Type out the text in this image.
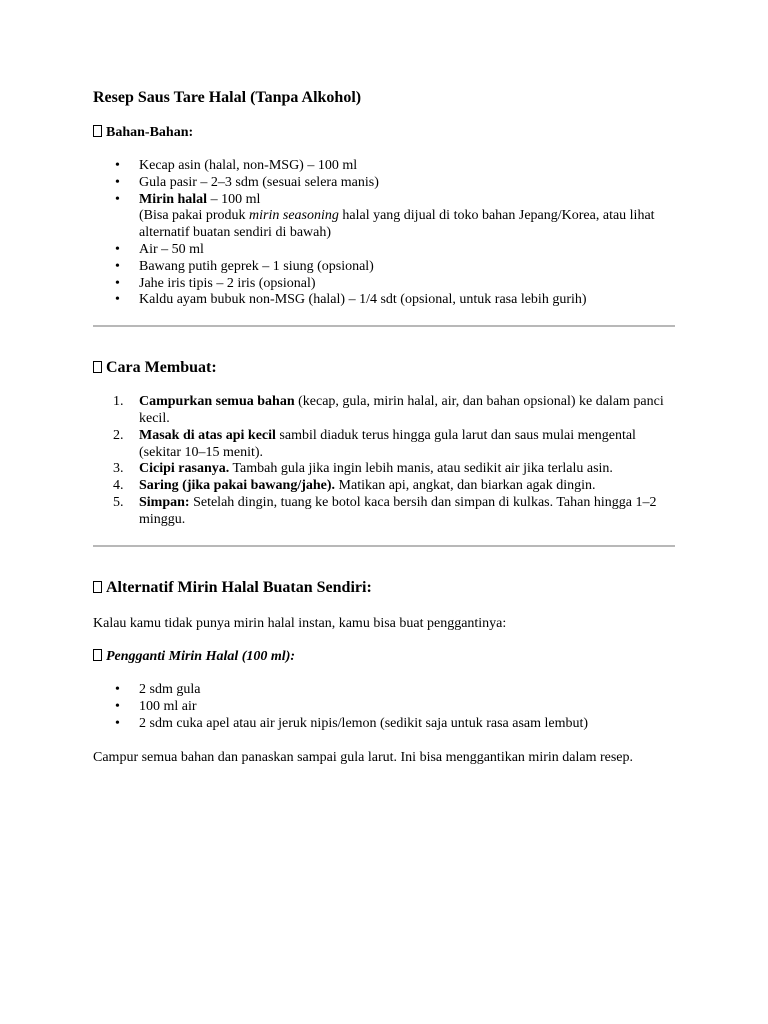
Resep Saus Tare Halal (Tanpa Alkohol)
Bahan-Bahan:
• Kecap asin (halal, non-MSG) – 100 ml
• Gula pasir – 2–3 sdm (sesuai selera manis)
• Mirin halal – 100 ml
(Bisa pakai produk mirin seasoning halal yang dijual di toko bahan Jepang/Korea, atau lihat alternatif buatan sendiri di bawah)
• Air – 50 ml
• Bawang putih geprek – 1 siung (opsional)
• Jahe iris tipis – 2 iris (opsional)
• Kaldu ayam bubuk non-MSG (halal) – 1/4 sdt (opsional, untuk rasa lebih gurih)
Cara Membuat:
1. Campurkan semua bahan (kecap, gula, mirin halal, air, dan bahan opsional) ke dalam panci kecil.
2. Masak di atas api kecil sambil diaduk terus hingga gula larut dan saus mulai mengental (sekitar 10–15 menit).
3. Cicipi rasanya. Tambah gula jika ingin lebih manis, atau sedikit air jika terlalu asin.
4. Saring (jika pakai bawang/jahe). Matikan api, angkat, dan biarkan agak dingin.
5. Simpan: Setelah dingin, tuang ke botol kaca bersih dan simpan di kulkas. Tahan hingga 1–2 minggu.
Alternatif Mirin Halal Buatan Sendiri:

Kalau kamu tidak punya mirin halal instan, kamu bisa buat penggantinya:

Pengganti Mirin Halal (100 ml):
• 2 sdm gula
• 100 ml air
• 2 sdm cuka apel atau air jeruk nipis/lemon (sedikit saja untuk rasa asam lembut)

Campur semua bahan dan panaskan sampai gula larut. Ini bisa menggantikan mirin dalam resep.
